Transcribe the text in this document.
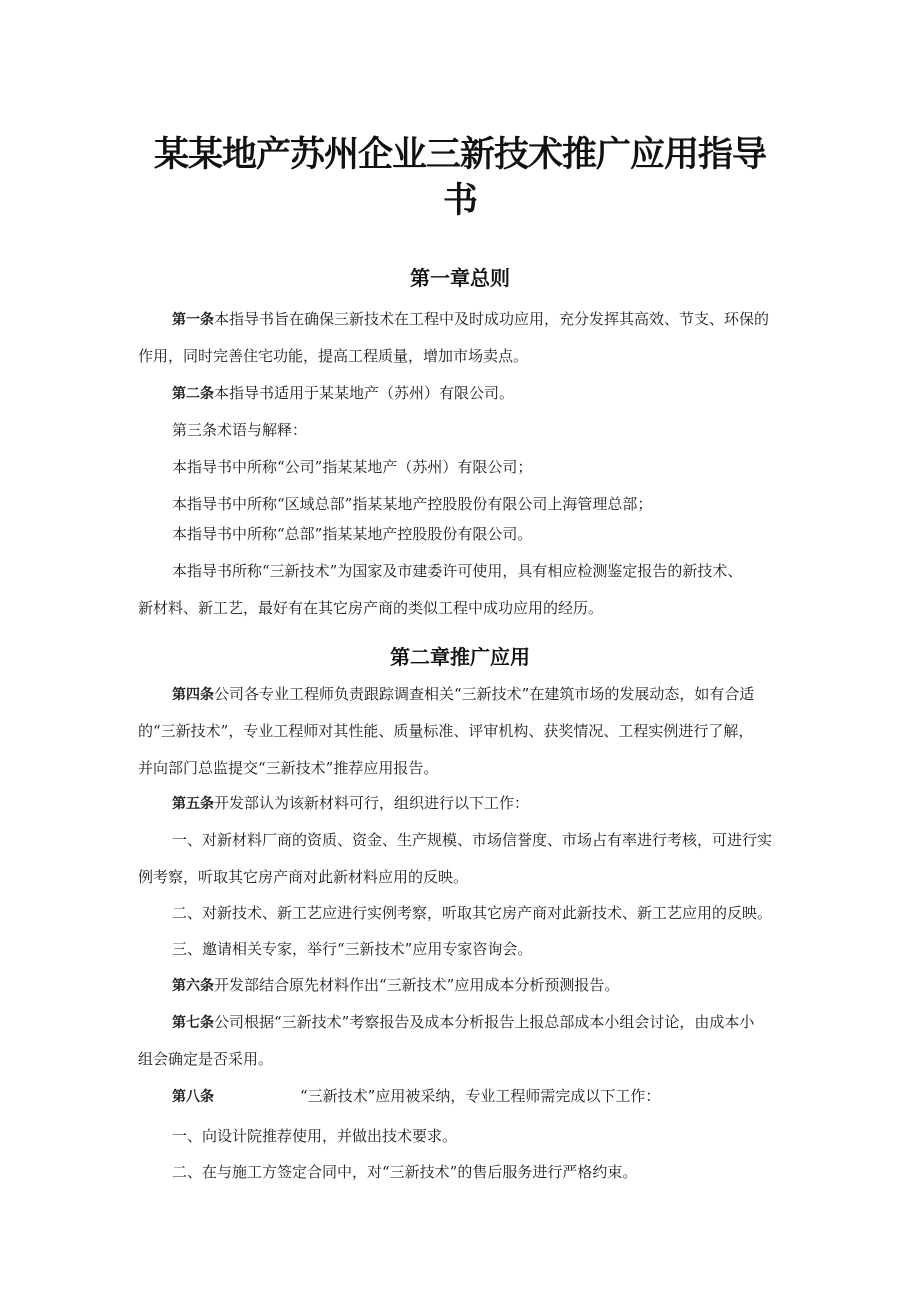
某某地产苏州企业三新技术推广应用指导
书
第一章总则

第一条本指导书旨在确保三新技术在工程中及时成功应用，充分发挥其高效、节支、环保的
作用，同时完善住宅功能，提高工程质量，增加市场卖点。

第二条本指导书适用于某某地产（苏州）有限公司。

第三条术语与解释：

本指导书中所称“公司”指某某地产（苏州）有限公司；

本指导书中所称“区域总部”指某某地产控股股份有限公司上海管理总部；

本指导书中所称“总部”指某某地产控股股份有限公司。

本指导书所称“三新技术”为国家及市建委许可使用，具有相应检测鉴定报告的新技术、
新材料、新工艺，最好有在其它房产商的类似工程中成功应用的经历。

第二章推广应用

第四条公司各专业工程师负责跟踪调查相关“三新技术”在建筑市场的发展动态，如有合适
的“三新技术”，专业工程师对其性能、质量标准、评审机构、获奖情况、工程实例进行了解，
并向部门总监提交“三新技术”推荐应用报告。

第五条开发部认为该新材料可行，组织进行以下工作：

一、对新材料厂商的资质、资金、生产规模、市场信誉度、市场占有率进行考核，可进行实
例考察，听取其它房产商对此新材料应用的反映。

二、对新技术、新工艺应进行实例考察，听取其它房产商对此新技术、新工艺应用的反映。

三、邀请相关专家，举行“三新技术”应用专家咨询会。

第六条开发部结合原先材料作出“三新技术”应用成本分析预测报告。

第七条公司根据“三新技术”考察报告及成本分析报告上报总部成本小组会讨论，由成本小
组会确定是否采用。

第八条	“三新技术”应用被采纳，专业工程师需完成以下工作：

一、向设计院推荐使用，并做出技术要求。

二、在与施工方签定合同中，对“三新技术”的售后服务进行严格约束。
